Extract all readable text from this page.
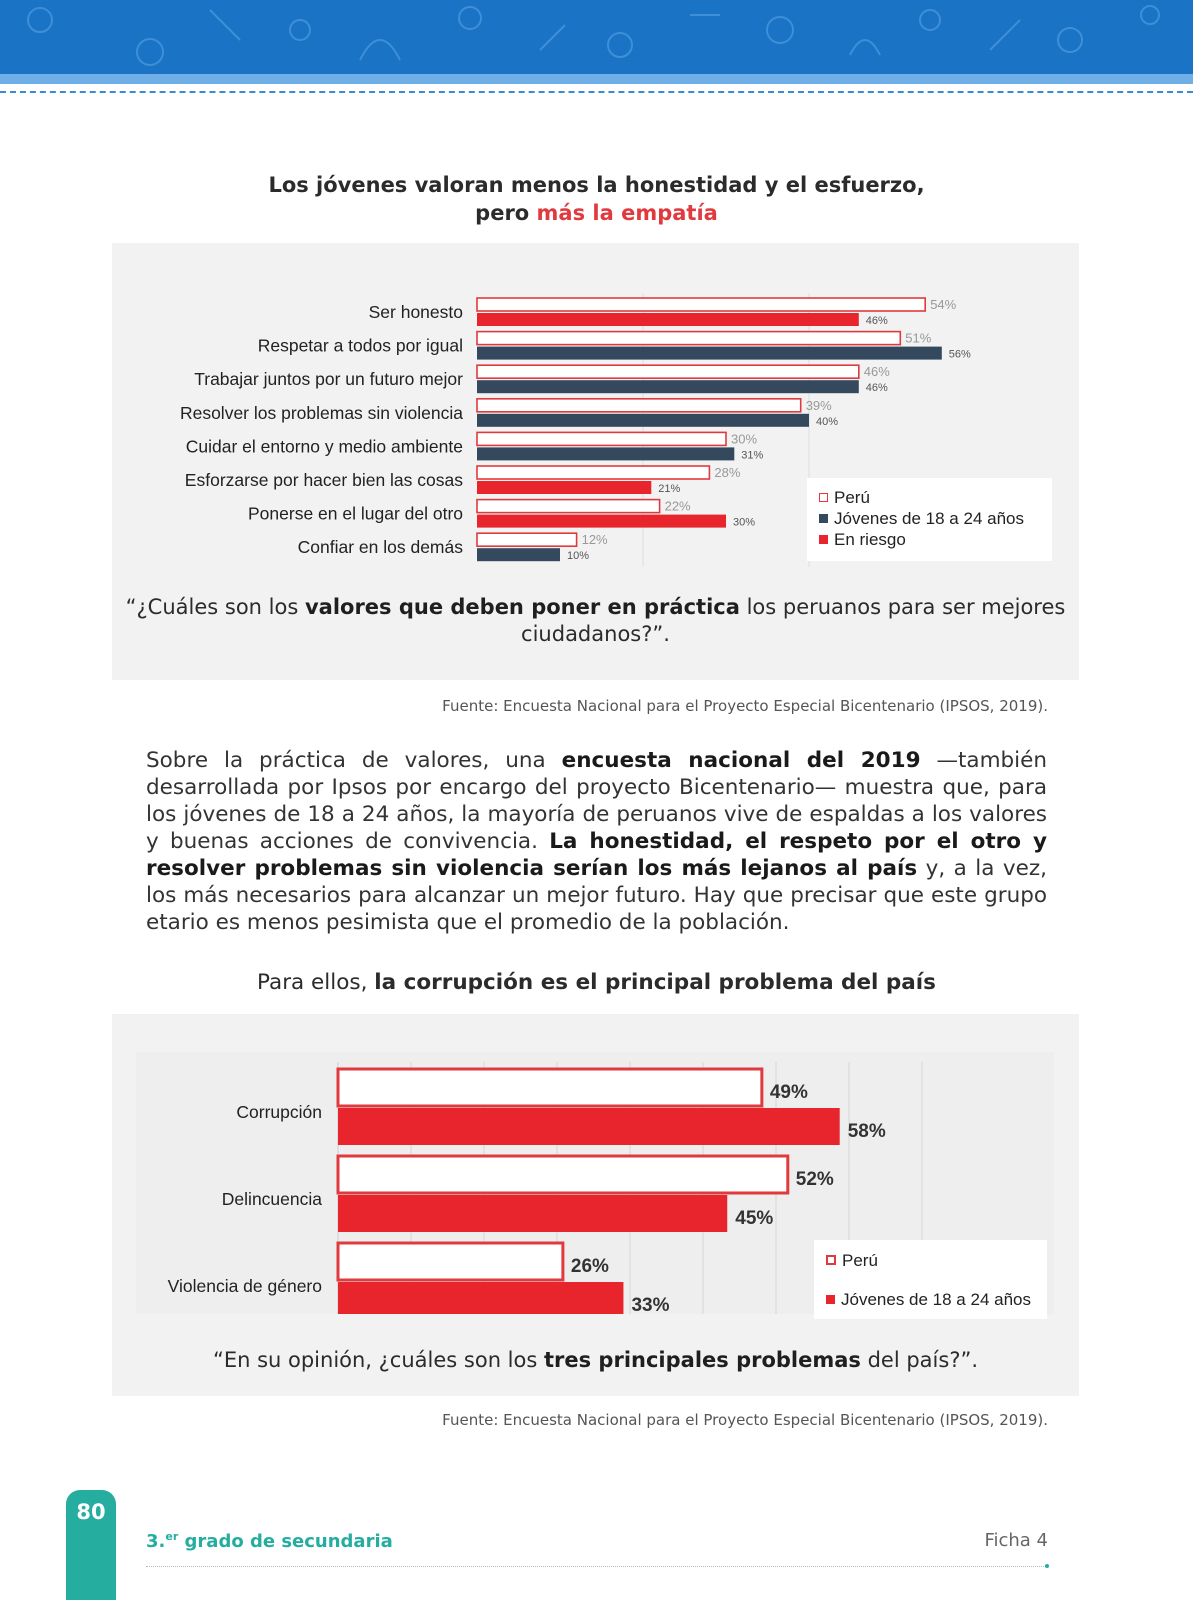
Los jóvenes valoran menos la honestidad y el esfuerzo,
pero más la empatía
Ser honesto	54%
46%
Respetar a todos por igual	51%
56%
Trabajar juntos por un futuro mejor	46%
46%
Resolver los problemas sin violencia	39%
40%
Cuidar el entorno y medio ambiente	30%
31%
Esforzarse por hacer bien las cosas	28%
21%
Ponerse en el lugar del otro	22%
30%
Confiar en los demás	12%
10%
Perú
Jóvenes de 18 a 24 años
En riesgo
“¿Cuáles son los valores que deben poner en práctica los peruanos para ser mejores ciudadanos?”.
Fuente: Encuesta Nacional para el Proyecto Especial Bicentenario (IPSOS, 2019).
Sobre la práctica de valores, una encuesta nacional del 2019 —también desarrollada por Ipsos por encargo del proyecto Bicentenario— muestra que, para los jóvenes de 18 a 24 años, la mayoría de peruanos vive de espaldas a los valores y buenas acciones de convivencia. La honestidad, el respeto por el otro y resolver problemas sin violencia serían los más lejanos al país y, a la vez, los más necesarios para alcanzar un mejor futuro. Hay que precisar que este grupo etario es menos pesimista que el promedio de la población.
Para ellos, la corrupción es el principal problema del país
Corrupción
49%
58%
Delincuencia
52%
45%
Violencia de género
26%
33%
Perú
Jóvenes de 18 a 24 años
“En su opinión, ¿cuáles son los tres principales problemas del país?”.
Fuente: Encuesta Nacional para el Proyecto Especial Bicentenario (IPSOS, 2019).
80
3.$^{er}$ grado de secundaria	Ficha 4
